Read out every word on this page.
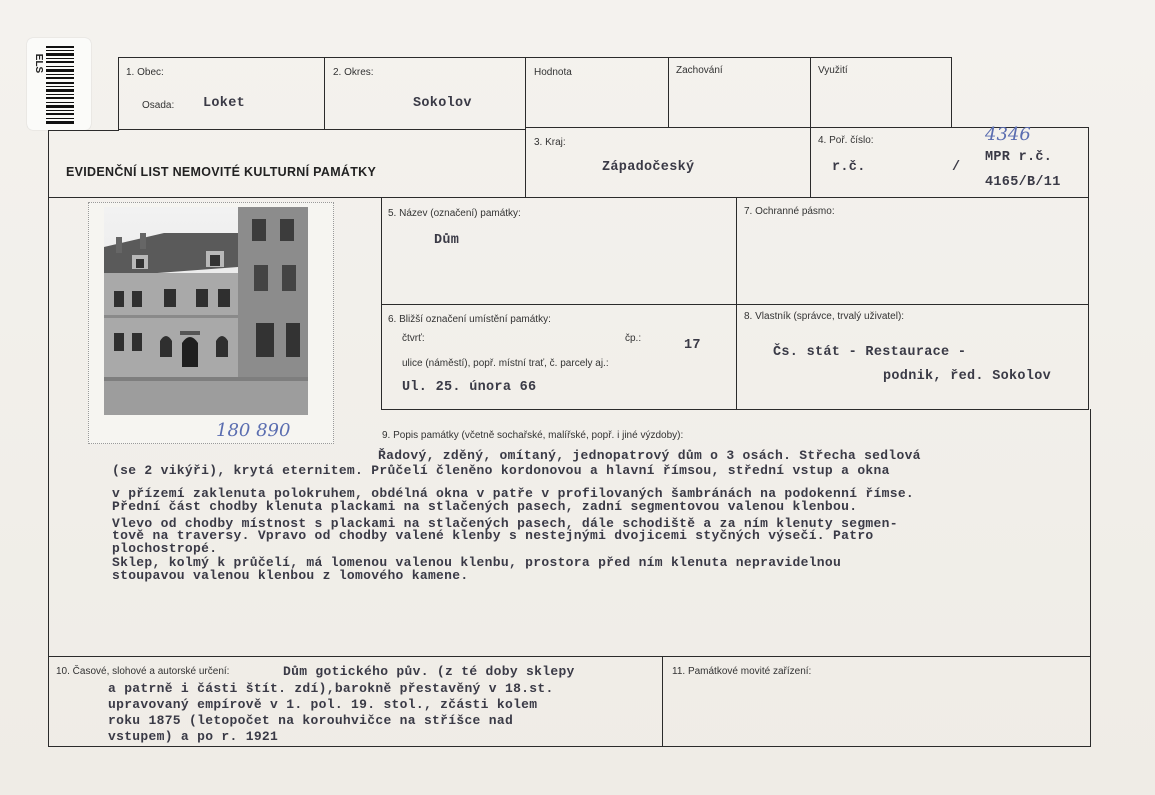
ELS	1. Obec:
Osada: Loket
2. Okres:
Sokolov
Hodnota	Zachování	Využití
EVIDENČNÍ LIST NEMOVITÉ KULTURNÍ PAMÁTKY
3. Kraj:
Západočeský
4. Poř. číslo:	4346
r.č.	/
MPR r.č.
4165/B/11
180 890
5. Název (označení) památky:
Dům
7. Ochranné pásmo:
6. Bližší označení umístění památky:
čtvrť:	čp.:	17
ulice (náměstí), popř. místní trať, č. parcely aj.:
Ul. 25. února 66
8. Vlastník (správce, trvalý uživatel):
Čs. stát - Restaurace -
podnik, řed. Sokolov
9. Popis památky (včetně sochařské, malířské, popř. i jiné výzdoby):
Řadový, zděný, omítaný, jednopatrový dům o 3 osách. Střecha sedlová
(se 2 vikýři), krytá eternitem. Průčelí členěno kordonovou a hlavní římsou, střední vstup a okna
v přízemí zaklenuta polokruhem, obdélná okna v patře v profilovaných šambránách na podokenní římse.
Přední část chodby klenuta plackami na stlačených pasech, zadní segmentovou valenou klenbou.
Vlevo od chodby místnost s plackami na stlačených pasech, dále schodiště a za ním klenuty segmen-
tově na traversy. Vpravo od chodby valené klenby s nestejnými dvojicemi styčných výsečí. Patro
plochostropé.
Sklep, kolmý k průčelí, má lomenou valenou klenbu, prostora před ním klenuta nepravidelnou
stoupavou valenou klenbou z lomového kamene.
10. Časové, slohové a autorské určení:	Dům gotického pův. (z té doby sklepy
a patrně i části štít. zdí),barokně přestavěný v 18.st.
upravovaný empírově v 1. pol. 19. stol., zčásti kolem
roku 1875 (letopočet na korouhvičce na stříšce nad
vstupem) a po r. 1921
11. Památkové movité zařízení:
